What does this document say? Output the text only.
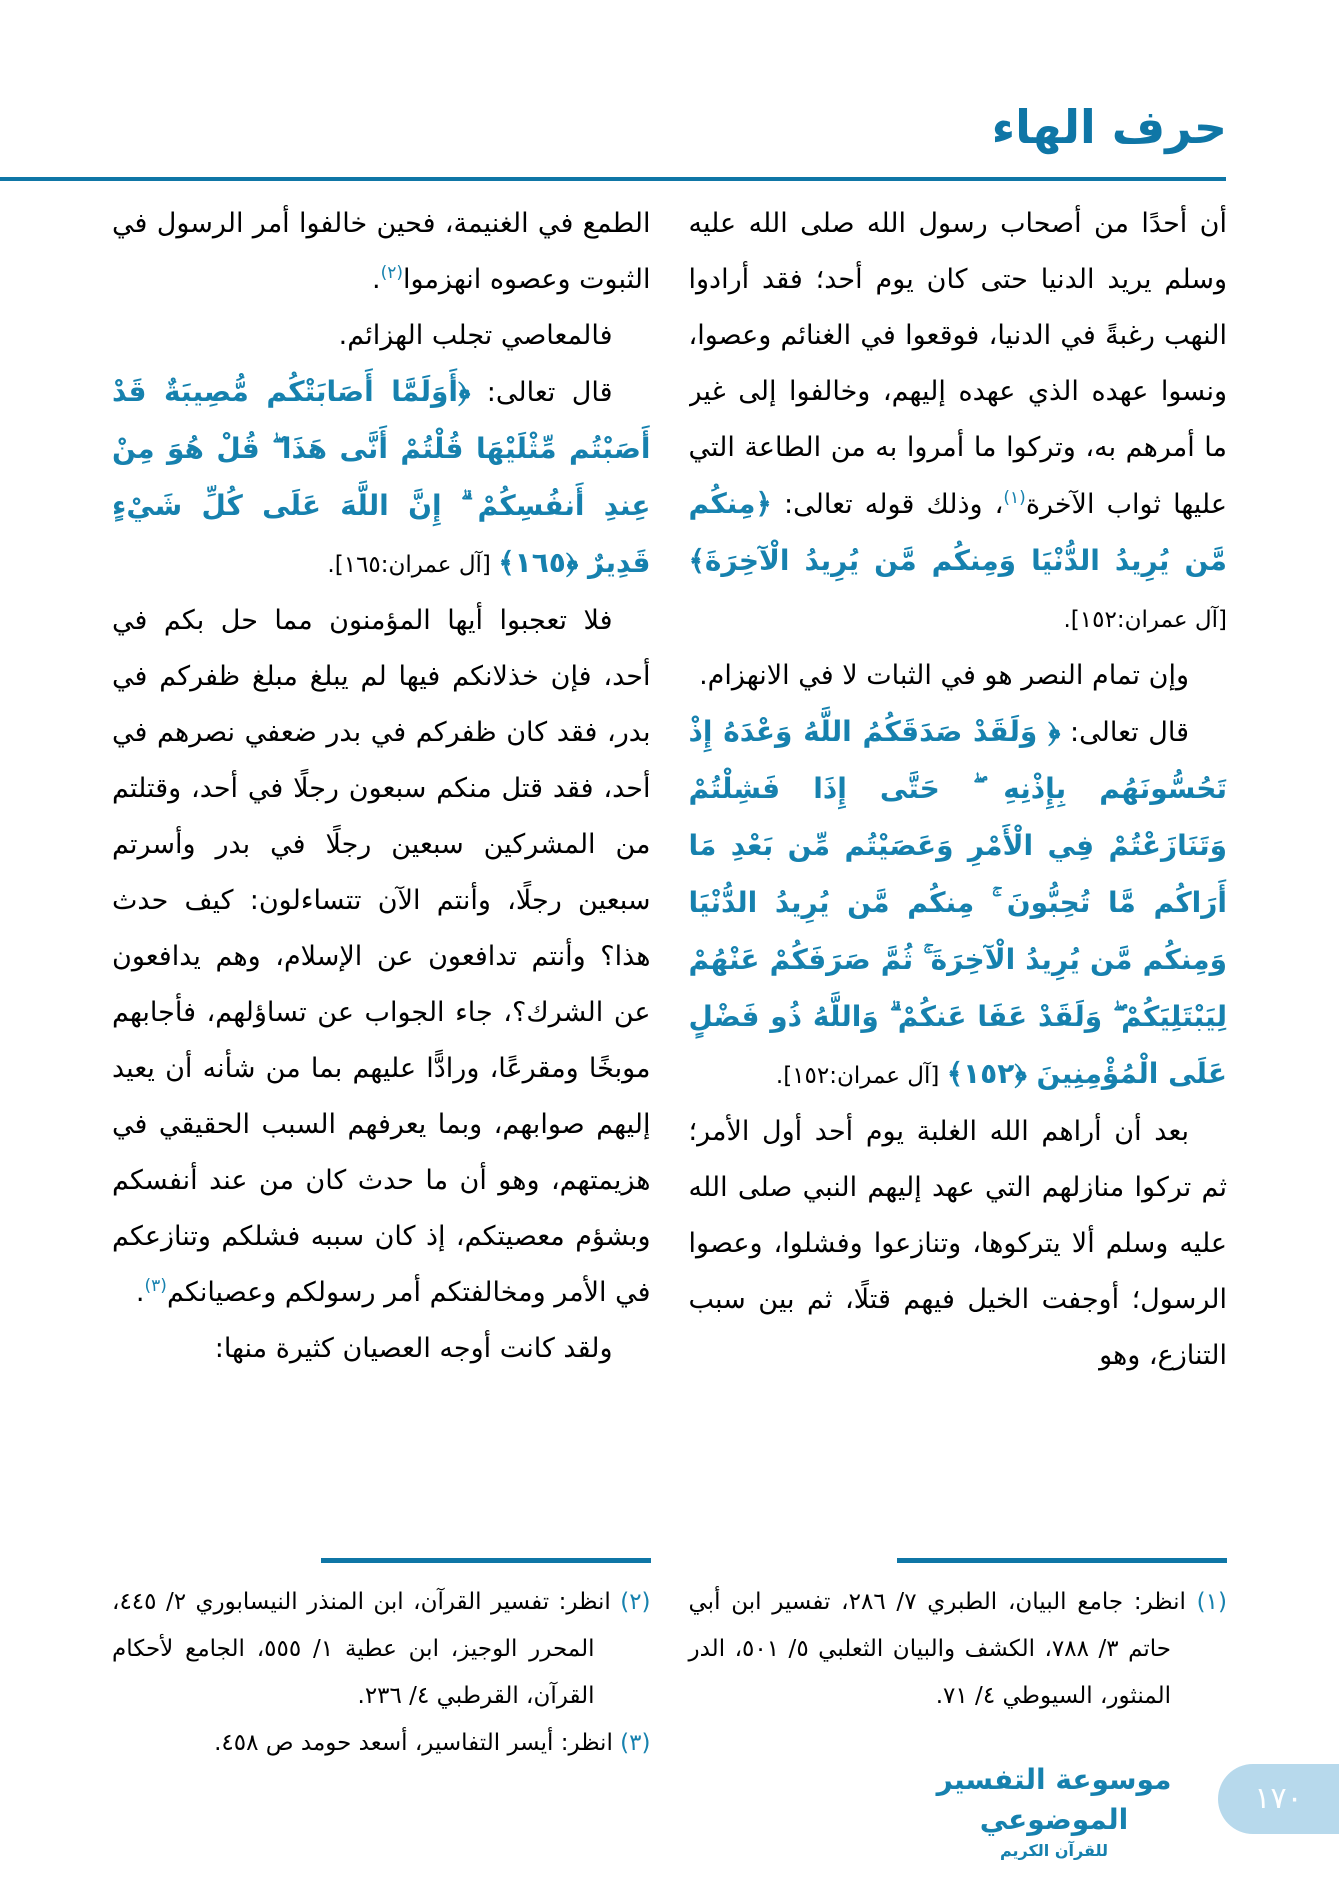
حرف الهاء

أن أحدًا من أصحاب رسول الله صلى الله عليه وسلم يريد الدنيا حتى كان يوم أحد؛ فقد أرادوا النهب رغبةً في الدنيا، فوقعوا في الغنائم وعصوا، ونسوا عهده الذي عهده إليهم، وخالفوا إلى غير ما أمرهم به، وتركوا ما أمروا به من الطاعة التي عليها ثواب الآخرة$^{(١)}$، وذلك قوله تعالى: ﴿مِنكُم مَّن يُرِيدُ الدُّنْيَا وَمِنكُم مَّن يُرِيدُ الْآخِرَةَ﴾ [آل عمران:١٥٢].

وإن تمام النصر هو في الثبات لا في الانهزام.

قال تعالى: ﴿ وَلَقَدْ صَدَقَكُمُ اللَّهُ وَعْدَهُ إِذْ تَحُسُّونَهُم بِإِذْنِهِ ۖ حَتَّى إِذَا فَشِلْتُمْ وَتَنَازَعْتُمْ فِي الْأَمْرِ وَعَصَيْتُم مِّن بَعْدِ مَا أَرَاكُم مَّا تُحِبُّونَ ۚ مِنكُم مَّن يُرِيدُ الدُّنْيَا وَمِنكُم مَّن يُرِيدُ الْآخِرَةَ ۚ ثُمَّ صَرَفَكُمْ عَنْهُمْ لِيَبْتَلِيَكُمْ ۖ وَلَقَدْ عَفَا عَنكُمْ ۗ وَاللَّهُ ذُو فَضْلٍ عَلَى الْمُؤْمِنِينَ ﴿١٥٢﴾ [آل عمران:١٥٢].

بعد أن أراهم الله الغلبة يوم أحد أول الأمر؛ ثم تركوا منازلهم التي عهد إليهم النبي صلى الله عليه وسلم ألا يتركوها، وتنازعوا وفشلوا، وعصوا الرسول؛ أوجفت الخيل فيهم قتلًا، ثم بين سبب التنازع، وهو

(١) انظر: جامع البيان، الطبري ٧/ ٢٨٦، تفسير ابن أبي حاتم ٣/ ٧٨٨، الكشف والبيان الثعلبي ٥/ ٥٠١، الدر المنثور، السيوطي ٤/ ٧١.

الطمع في الغنيمة، فحين خالفوا أمر الرسول في الثبوت وعصوه انهزموا$^{(٢)}$.

فالمعاصي تجلب الهزائم.

قال تعالى: ﴿أَوَلَمَّا أَصَابَتْكُم مُّصِيبَةٌ قَدْ أَصَبْتُم مِّثْلَيْهَا قُلْتُمْ أَنَّى هَذَا ۖ قُلْ هُوَ مِنْ عِندِ أَنفُسِكُمْ ۗ إِنَّ اللَّهَ عَلَى كُلِّ شَيْءٍ قَدِيرٌ ﴿١٦٥﴾ [آل عمران:١٦٥].

فلا تعجبوا أيها المؤمنون مما حل بكم في أحد، فإن خذلانكم فيها لم يبلغ مبلغ ظفركم في بدر، فقد كان ظفركم في بدر ضعفي نصرهم في أحد، فقد قتل منكم سبعون رجلًا في أحد، وقتلتم من المشركين سبعين رجلًا في بدر وأسرتم سبعين رجلًا، وأنتم الآن تتساءلون: كيف حدث هذا؟ وأنتم تدافعون عن الإسلام، وهم يدافعون عن الشرك؟، جاء الجواب عن تساؤلهم، فأجابهم موبخًا ومقرعًا، ورادًّا عليهم بما من شأنه أن يعيد إليهم صوابهم، وبما يعرفهم السبب الحقيقي في هزيمتهم، وهو أن ما حدث كان من عند أنفسكم وبشؤم معصيتكم، إذ كان سببه فشلكم وتنازعكم في الأمر ومخالفتكم أمر رسولكم وعصيانكم$^{(٣)}$.

ولقد كانت أوجه العصيان كثيرة منها:

(٢) انظر: تفسير القرآن، ابن المنذر النيسابوري ٢/ ٤٤٥، المحرر الوجيز، ابن عطية ١/ ٥٥٥، الجامع لأحكام القرآن، القرطبي ٤/ ٢٣٦.

(٣) انظر: أيسر التفاسير، أسعد حومد ص ٤٥٨.

موسوعة التفسير الموضوعي
للقرآن الكريم
١٧٠
